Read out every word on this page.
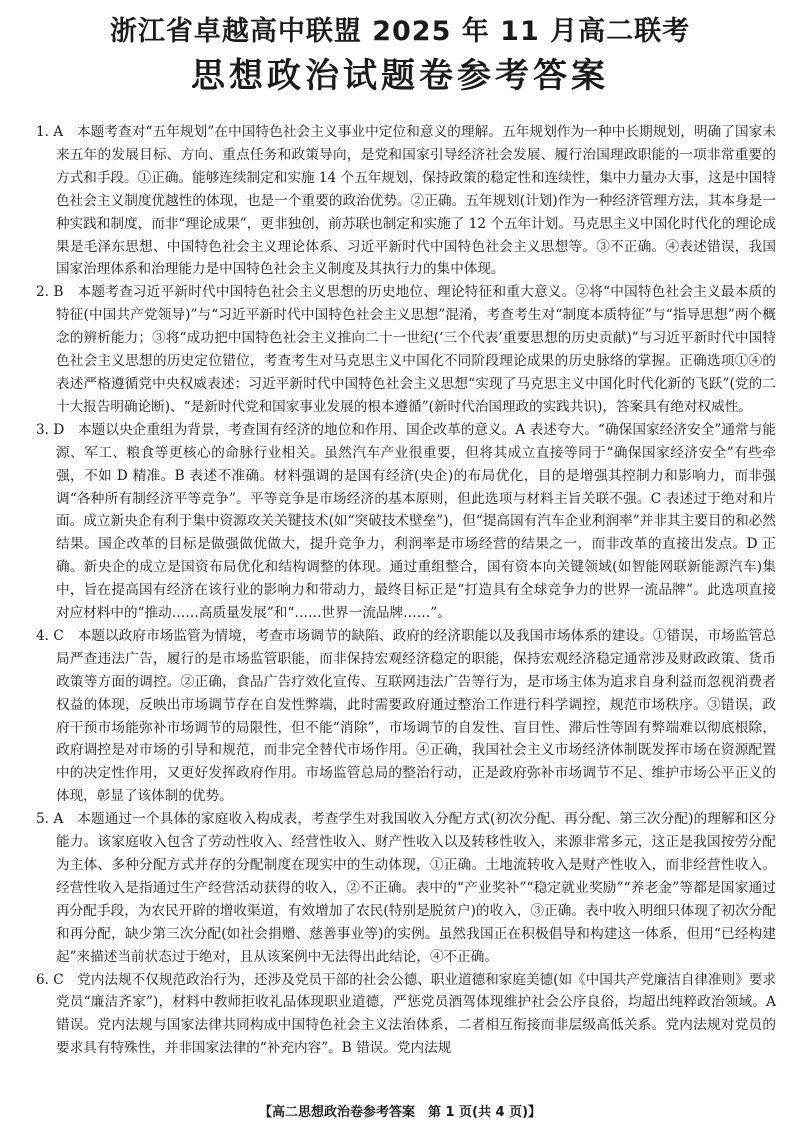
浙江省卓越高中联盟 2025 年 11 月高二联考
思想政治试题卷参考答案

1. A　本题考查对“五年规划”在中国特色社会主义事业中定位和意义的理解。五年规划作为一种中长期规划，明确了国家未来五年的发展目标、方向、重点任务和政策导向，是党和国家引导经济社会发展、履行治国理政职能的一项非常重要的方式和手段。①正确。能够连续制定和实施 14 个五年规划，保持政策的稳定性和连续性，集中力量办大事，这是中国特色社会主义制度优越性的体现，也是一个重要的政治优势。②正确。五年规划(计划)作为一种经济管理方法，其本身是一种实践和制度，而非“理论成果”，更非独创，前苏联也制定和实施了 12 个五年计划。马克思主义中国化时代化的理论成果是毛泽东思想、中国特色社会主义理论体系、习近平新时代中国特色社会主义思想等。③不正确。④表述错误，我国国家治理体系和治理能力是中国特色社会主义制度及其执行力的集中体现。

2. B　本题考查习近平新时代中国特色社会主义思想的历史地位、理论特征和重大意义。②将“中国特色社会主义最本质的特征(中国共产党领导)”与“习近平新时代中国特色社会主义思想”混淆，考查考生对“制度本质特征”与“指导思想”两个概念的辨析能力；③将“成功把中国特色社会主义推向二十一世纪(‘三个代表’重要思想的历史贡献)”与习近平新时代中国特色社会主义思想的历史定位错位，考查考生对马克思主义中国化不同阶段理论成果的历史脉络的掌握。正确选项①④的表述严格遵循党中央权威表述：习近平新时代中国特色社会主义思想“实现了马克思主义中国化时代化新的飞跃”(党的二十大报告明确论断)、“是新时代党和国家事业发展的根本遵循”(新时代治国理政的实践共识)，答案具有绝对权威性。

3. D　本题以央企重组为背景，考查国有经济的地位和作用、国企改革的意义。A 表述夸大。“确保国家经济安全”通常与能源、军工、粮食等更核心的命脉行业相关。虽然汽车产业很重要，但将其成立直接等同于“确保国家经济安全”有些牵强，不如 D 精准。B 表述不准确。材料强调的是国有经济(央企)的布局优化，目的是增强其控制力和影响力，而非强调“各种所有制经济平等竞争”。平等竞争是市场经济的基本原则，但此选项与材料主旨关联不强。C 表述过于绝对和片面。成立新央企有利于集中资源攻关关键技术(如“突破技术壁垒”)，但“提高国有汽车企业利润率”并非其主要目的和必然结果。国企改革的目标是做强做优做大，提升竞争力，利润率是市场经营的结果之一，而非改革的直接出发点。D 正确。新央企的成立是国资布局优化和结构调整的体现。通过重组整合，国有资本向关键领域(如智能网联新能源汽车)集中，旨在提高国有经济在该行业的影响力和带动力，最终目标正是“打造具有全球竞争力的世界一流品牌”。此选项直接对应材料中的“推动……高质量发展”和“……世界一流品牌……”。

4. C　本题以政府市场监管为情境，考查市场调节的缺陷、政府的经济职能以及我国市场体系的建设。①错误，市场监管总局严查违法广告，履行的是市场监管职能，而非保持宏观经济稳定的职能，保持宏观经济稳定通常涉及财政政策、货币政策等方面的调控。②正确，食品广告疗效化宣传、互联网违法广告等行为，是市场主体为追求自身利益而忽视消费者权益的体现，反映出市场调节存在自发性弊端，此时需要政府通过整治工作进行科学调控，规范市场秩序。③错误，政府干预市场能弥补市场调节的局限性，但不能“消除”，市场调节的自发性、盲目性、滞后性等固有弊端难以彻底根除，政府调控是对市场的引导和规范，而非完全替代市场作用。④正确，我国社会主义市场经济体制既发挥市场在资源配置中的决定性作用，又更好发挥政府作用。市场监管总局的整治行动，正是政府弥补市场调节不足、维护市场公平正义的体现，彰显了该体制的优势。

5. A　本题通过一个具体的家庭收入构成表，考查学生对我国收入分配方式(初次分配、再分配、第三次分配)的理解和区分能力。该家庭收入包含了劳动性收入、经营性收入、财产性收入以及转移性收入，来源非常多元，这正是我国按劳分配为主体、多种分配方式并存的分配制度在现实中的生动体现，①正确。土地流转收入是财产性收入，而非经营性收入。经营性收入是指通过生产经营活动获得的收入，②不正确。表中的“产业奖补”“稳定就业奖励”“养老金”等都是国家通过再分配手段，为农民开辟的增收渠道，有效增加了农民(特别是脱贫户)的收入，③正确。表中收入明细只体现了初次分配和再分配，缺少第三次分配(如社会捐赠、慈善事业等)的实例。虽然我国正在积极倡导和构建这一体系，但用“已经构建起”来描述当前状态过于绝对，且从该案例中无法得出此结论，④不正确。

6. C　党内法规不仅规范政治行为，还涉及党员干部的社会公德、职业道德和家庭美德(如《中国共产党廉洁自律准则》要求党员“廉洁齐家”)，材料中教师拒收礼品体现职业道德，严惩党员酒驾体现维护社会公序良俗，均超出纯粹政治领域。A 错误。党内法规与国家法律共同构成中国特色社会主义法治体系，二者相互衔接而非层级高低关系。党内法规对党员的要求具有特殊性，并非国家法律的“补充内容”。B 错误。党内法规

【高二思想政治卷参考答案　第 1 页(共 4 页)】
